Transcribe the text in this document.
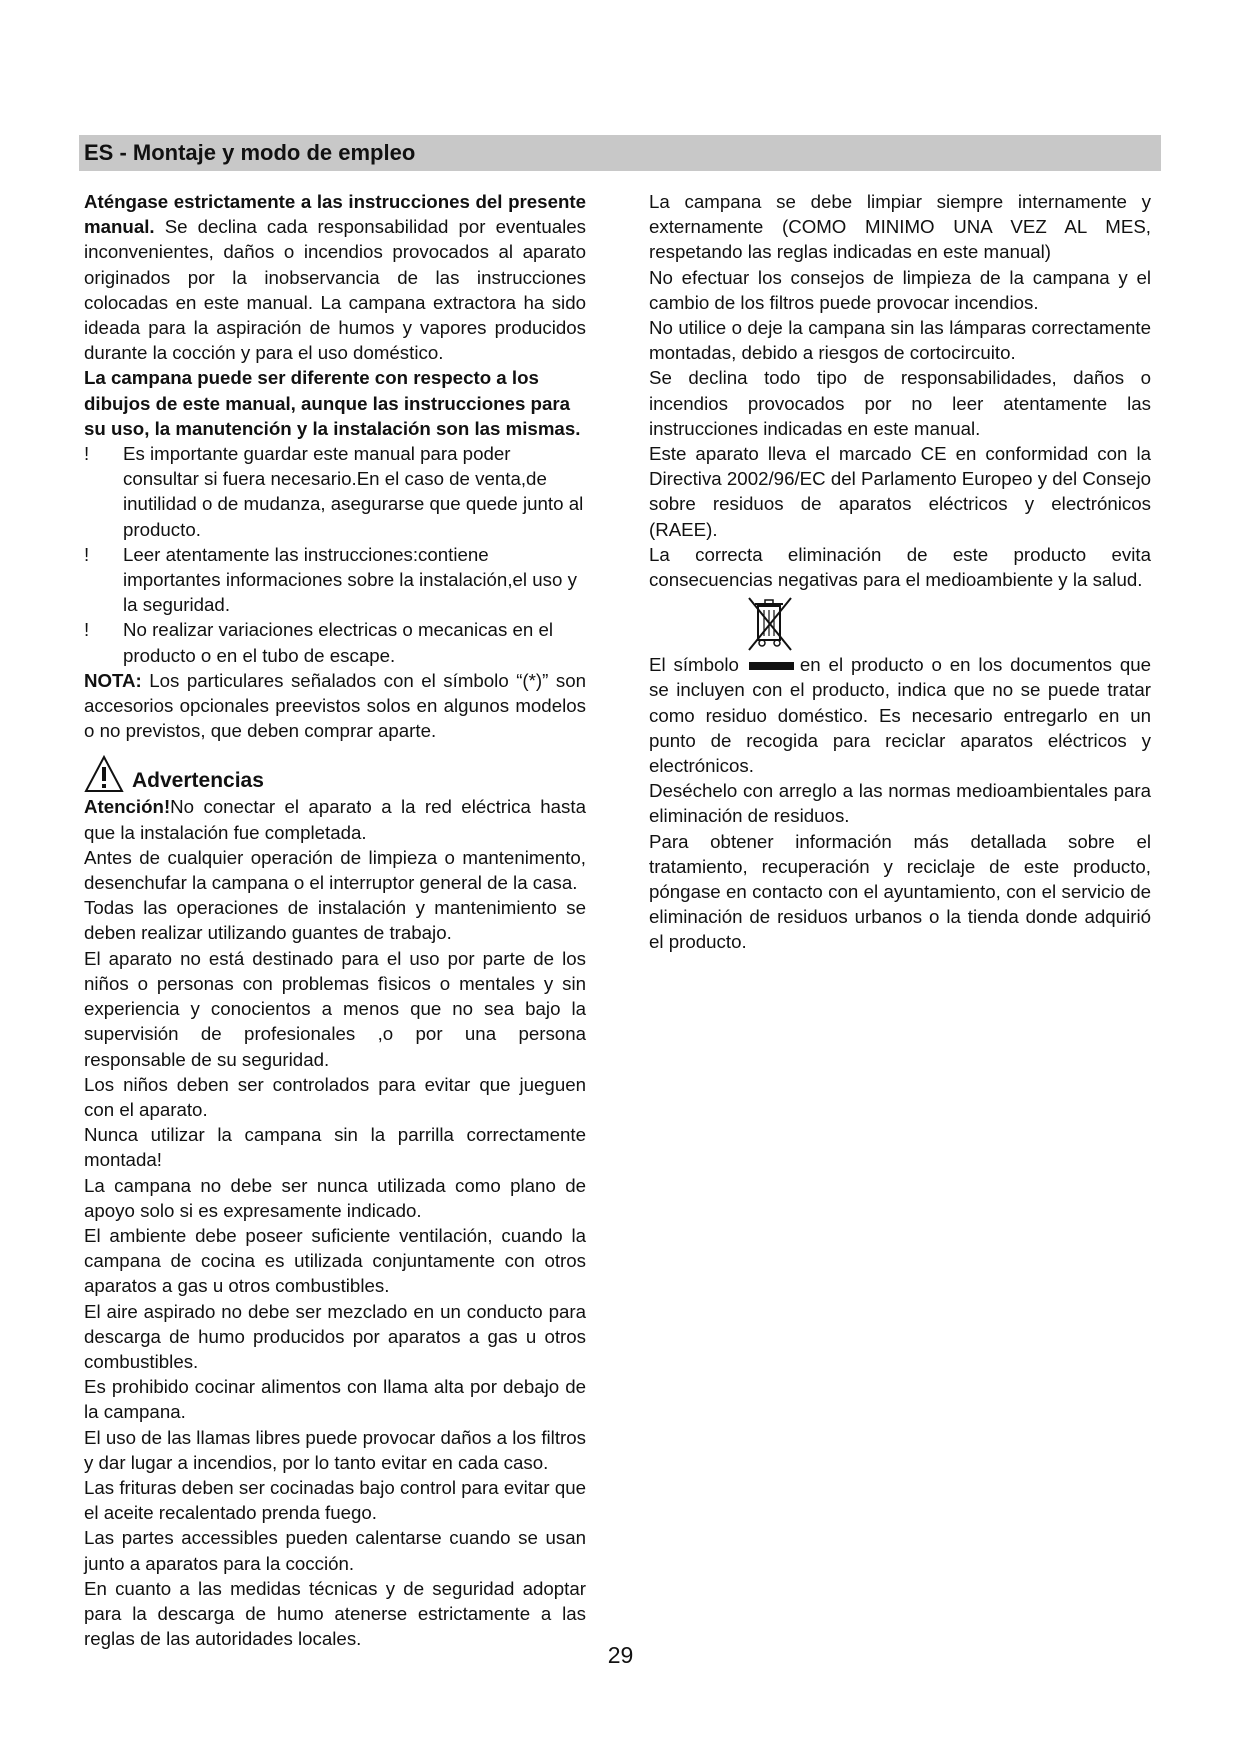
ES - Montaje y modo de empleo

Aténgase estrictamente a las instrucciones del presente manual. Se declina cada responsabilidad por eventuales inconvenientes, daños o incendios provocados al aparato originados por la inobservancia de las instrucciones colocadas en este manual. La campana extractora ha sido ideada para la aspiración de humos y vapores producidos durante la cocción y para el uso doméstico.

La campana puede ser diferente con respecto a los dibujos de este manual, aunque las instrucciones para su uso, la manutención y la instalación son las mismas.

! Es importante guardar este manual para poder consultar si fuera necesario.En el caso de venta,de inutilidad o de mudanza, asegurarse que quede junto al producto.

! Leer atentamente las instrucciones:contiene importantes informaciones sobre la instalación,el uso y la seguridad.

! No realizar variaciones electricas o mecanicas en el producto o en el tubo de escape.

NOTA: Los particulares señalados con el símbolo “(*)” son accesorios opcionales preevistos solos en algunos modelos o no previstos, que deben comprar aparte.

Advertencias

Atención!No conectar el aparato a la red eléctrica hasta que la instalación fue completada.

Antes de cualquier operación de limpieza o mantenimento, desenchufar la campana o el interruptor general de la casa.

Todas las operaciones de instalación y mantenimiento se deben realizar utilizando guantes de trabajo.

El aparato no está destinado para el uso por parte de los niños o personas con problemas fìsicos o mentales y sin experiencia y conocientos a menos que no sea bajo la supervisión de profesionales ,o por una persona responsable de su seguridad.

Los niños deben ser controlados para evitar que jueguen con el aparato.

Nunca utilizar la campana sin la parrilla correctamente montada!

La campana no debe ser nunca utilizada como plano de apoyo solo si es expresamente indicado.

El ambiente debe poseer suficiente ventilación, cuando la campana de cocina es utilizada conjuntamente con otros aparatos a gas u otros combustibles.

El aire aspirado no debe ser mezclado en un conducto para descarga de humo producidos por aparatos a gas u otros combustibles.

Es prohibido cocinar alimentos con llama alta por debajo de la campana.

El uso de las llamas libres puede provocar daños a los filtros y dar lugar a incendios, por lo tanto evitar en cada caso.

Las frituras deben ser cocinadas bajo control para evitar que el aceite recalentado prenda fuego.

Las partes accessibles pueden calentarse cuando se usan junto a aparatos para la cocción.

En cuanto a las medidas técnicas y de seguridad adoptar para la descarga de humo atenerse estrictamente a las reglas de las autoridades locales.

La campana se debe limpiar siempre internamente y externamente (COMO MINIMO UNA VEZ AL MES, respetando las reglas indicadas en este manual)

No efectuar los consejos de limpieza de la campana y el cambio de los filtros puede provocar incendios.

No utilice o deje la campana sin las lámparas correctamente montadas, debido a riesgos de cortocircuito.

Se declina todo tipo de responsabilidades, daños o incendios provocados por no leer atentamente las instrucciones indicadas en este manual.

Este aparato lleva el marcado CE en conformidad con la Directiva 2002/96/EC del Parlamento Europeo y del Consejo sobre residuos de aparatos eléctricos y electrónicos (RAEE).

La correcta eliminación de este producto evita consecuencias negativas para el medioambiente y la salud.

El símbolo	en el producto o en los documentos que se incluyen con el producto, indica que no se puede tratar como residuo doméstico. Es necesario entregarlo en un punto de recogida para reciclar aparatos eléctricos y electrónicos.

Deséchelo con arreglo a las normas medioambientales para eliminación de residuos.

Para obtener información más detallada sobre el tratamiento, recuperación y reciclaje de este producto, póngase en contacto con el ayuntamiento, con el servicio de eliminación de residuos urbanos o la tienda donde adquirió el producto.

29
